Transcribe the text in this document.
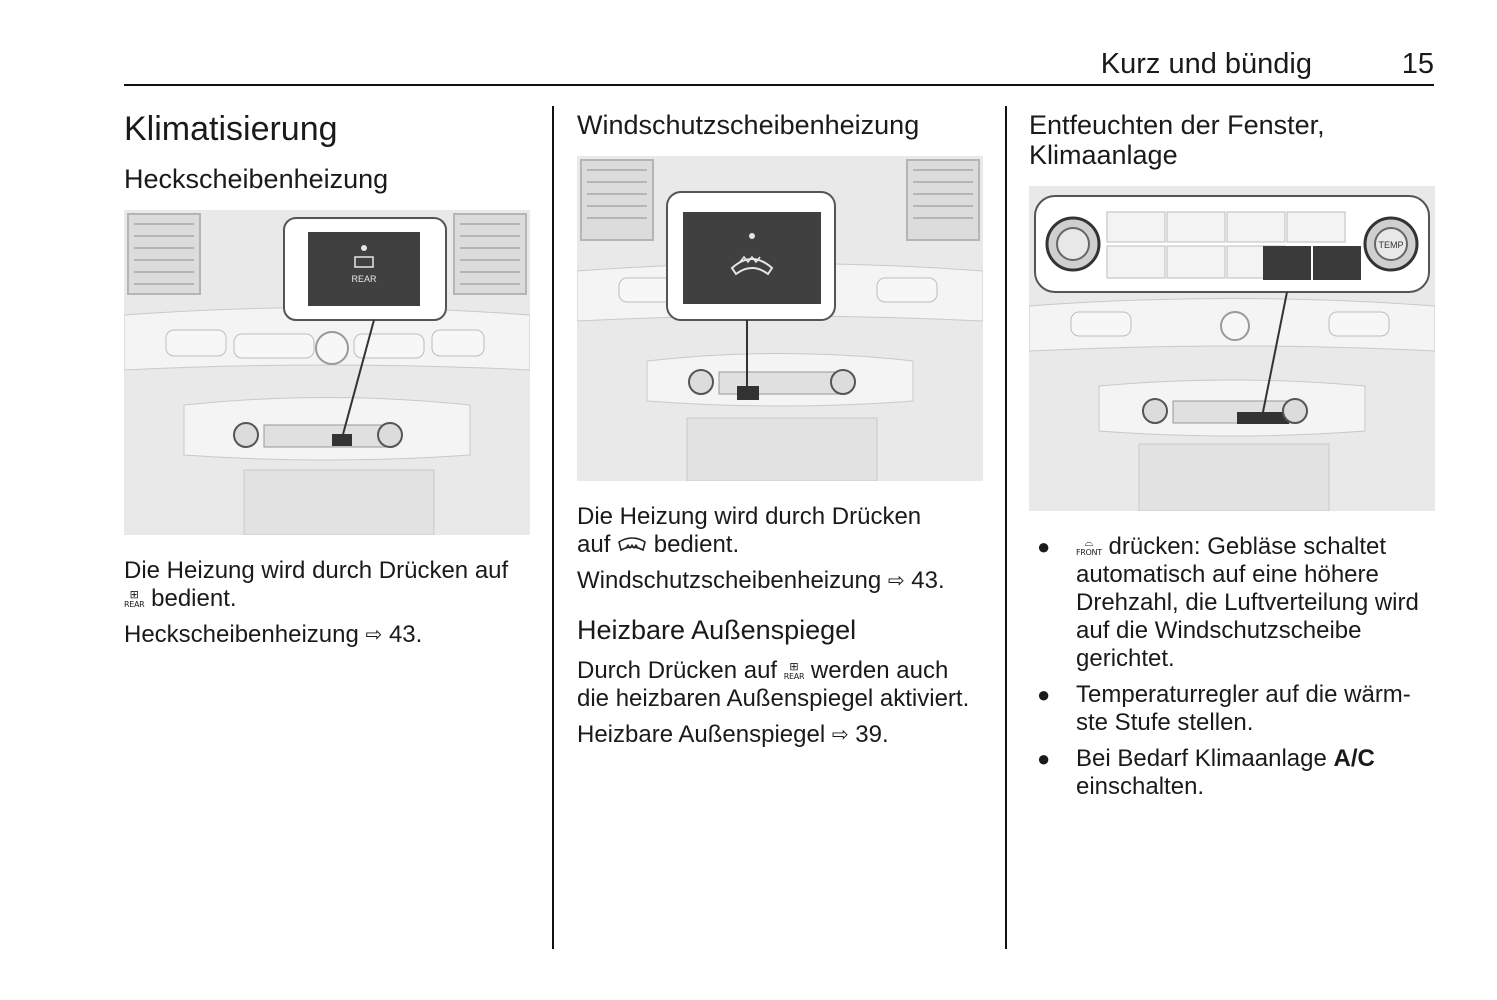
Kurz und bündig	15
Klimatisierung
Heckscheibenheizung
REAR

Die Heizung wird durch Drücken auf

⊞
REAR bedient.

Heckscheibenheizung ⇨ 43.

Windschutzscheibenheizung

Die Heizung wird durch Drücken
auf bedient.

Windschutzscheibenheizung ⇨ 43.

Heizbare Außenspiegel

Durch Drücken auf	⊞
REAR werden auch
die heizbaren Außenspiegel aktiviert.

Heizbare Außenspiegel ⇨ 39.

Entfeuchten der Fenster,
Klimaanlage
TEMP
●	⌓
FRONT drücken: Gebläse schaltet
automatisch auf eine höhere
Drehzahl, die Luftverteilung wird
auf die Windschutzscheibe
gerichtet.
● Temperaturregler auf die wärm-
ste Stufe stellen.
● Bei Bedarf Klimaanlage A/C
einschalten.
